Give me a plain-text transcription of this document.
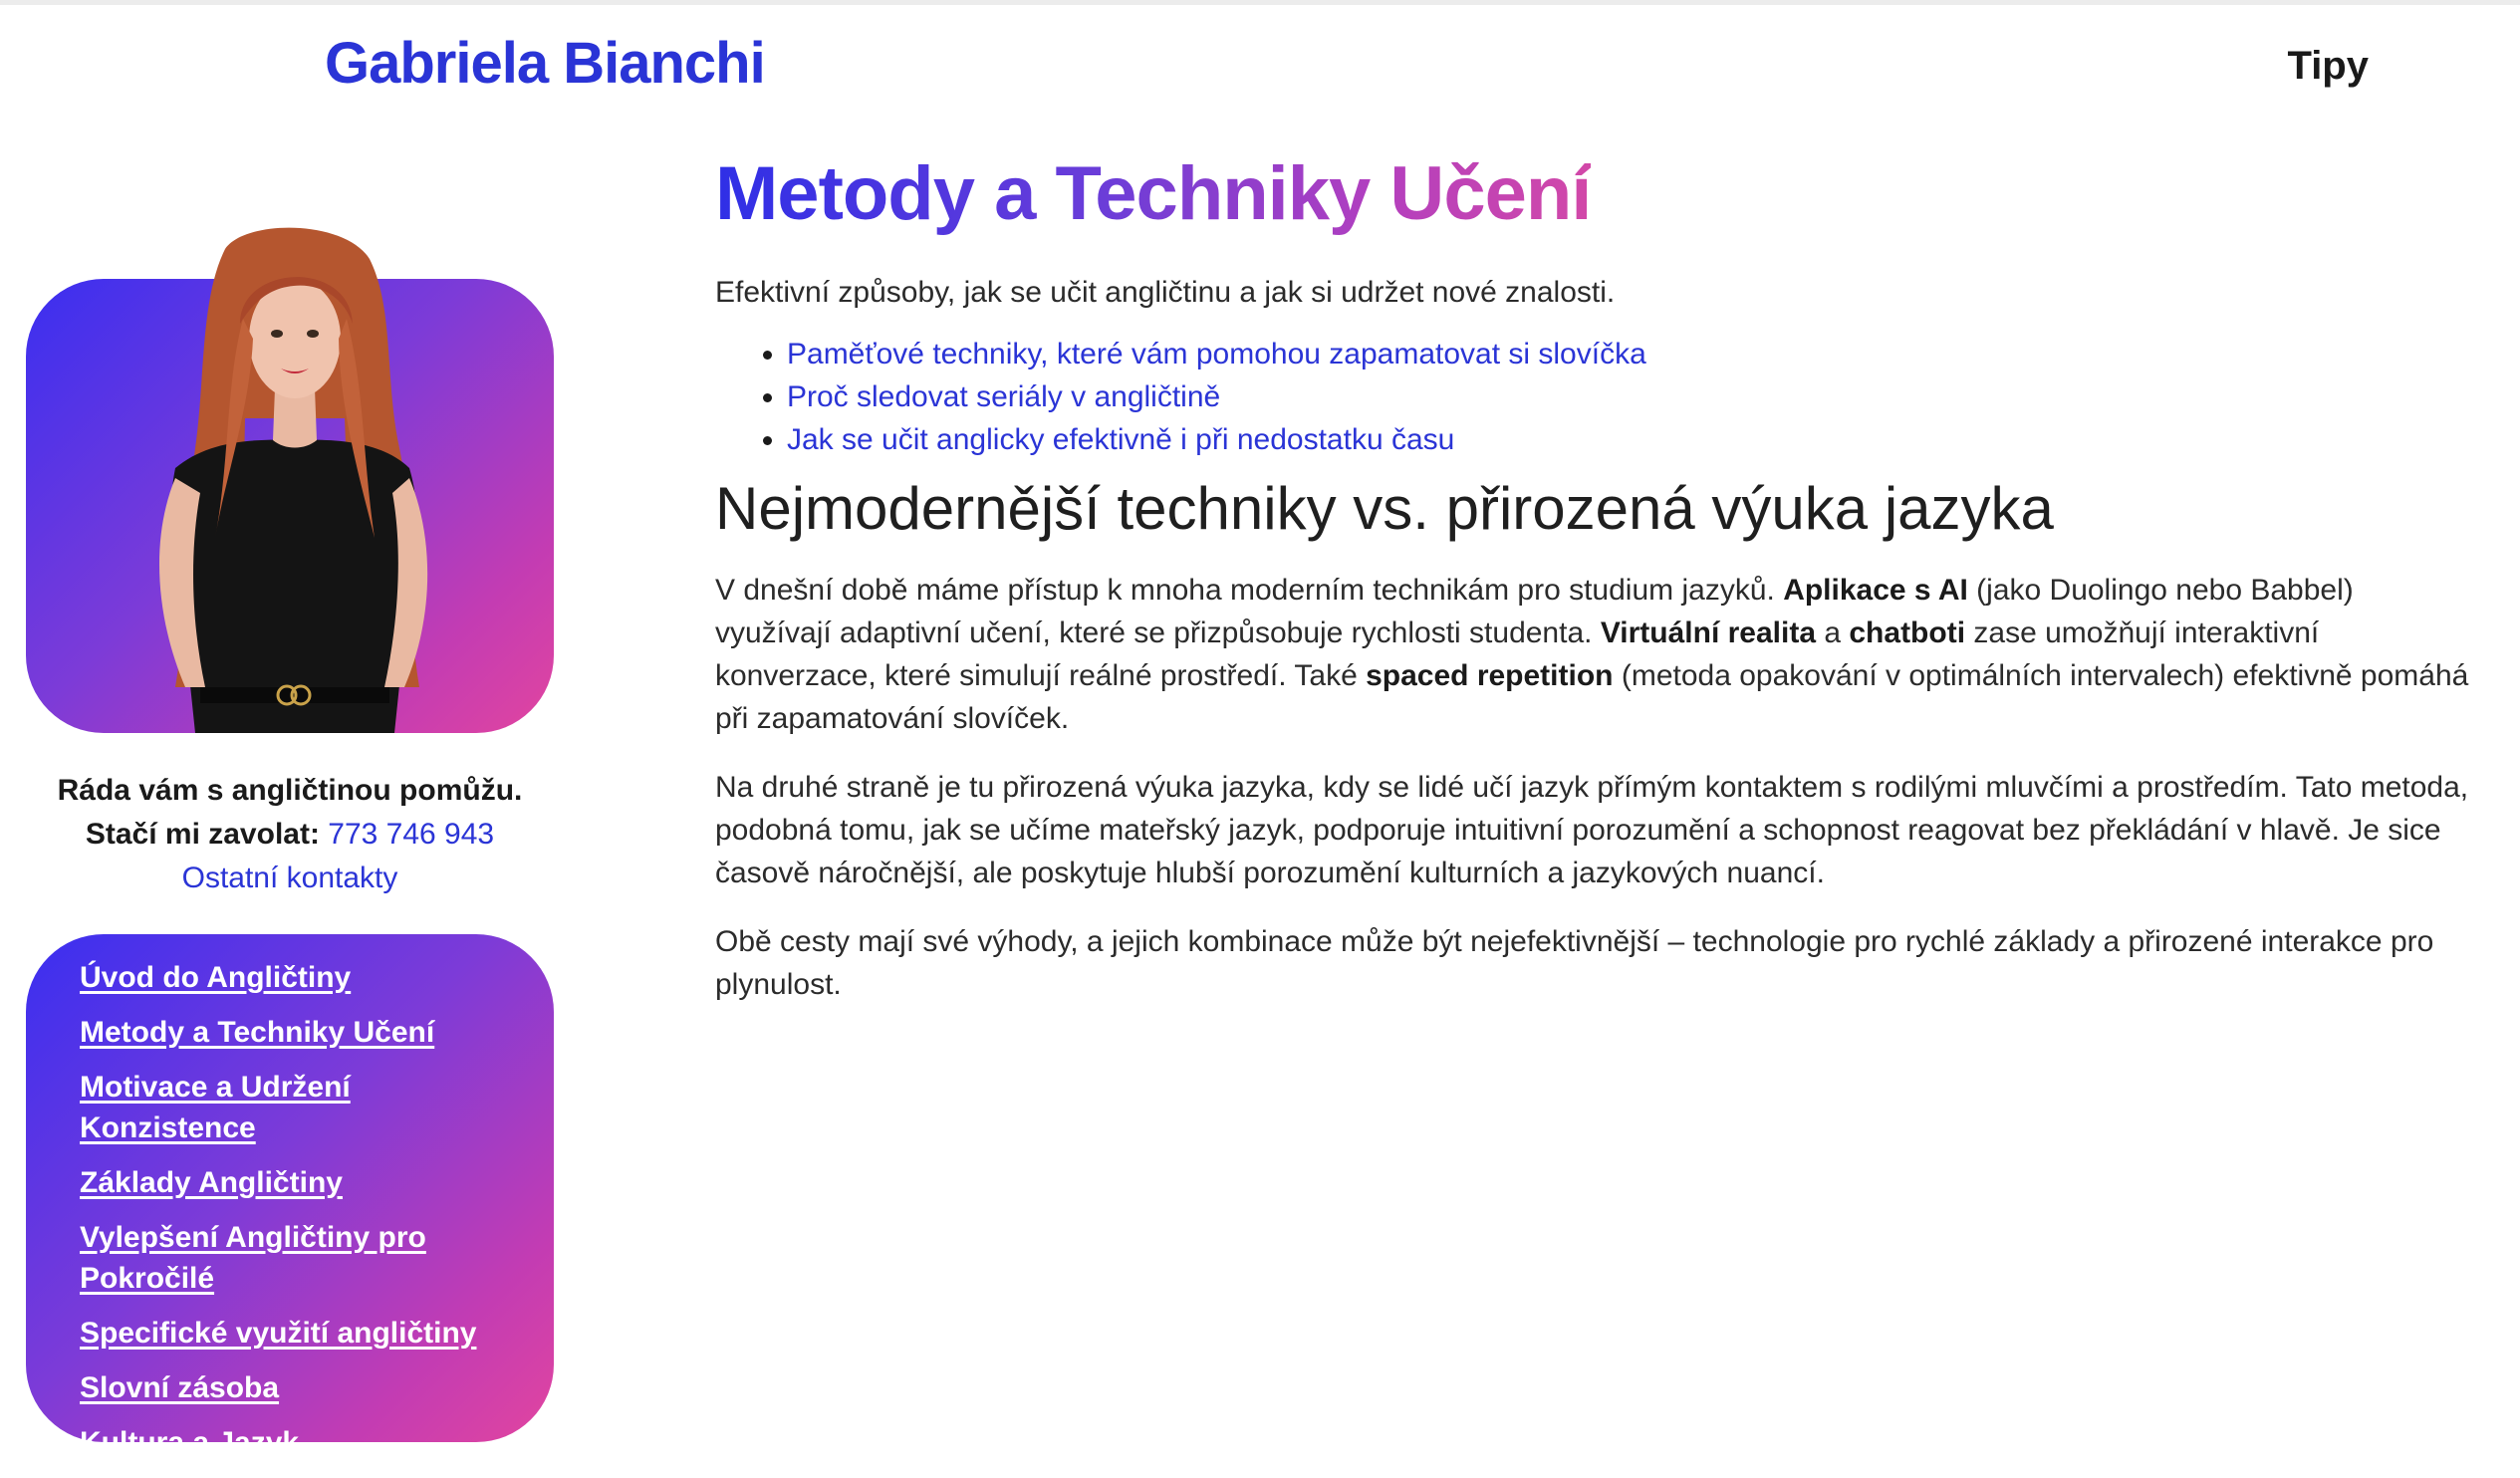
Gabriela Bianchi	Tipy
Ráda vám s angličtinou pomůžu.
Stačí mi zavolat: 773 746 943
Ostatní kontakty
Úvod do Angličtiny
Metody a Techniky Učení
Motivace a Udržení Konzistence
Základy Angličtiny
Vylepšení Angličtiny pro Pokročilé
Specifické využití angličtiny
Slovní zásoba
Kultura a Jazyk
Metody a Techniky Učení

Efektivní způsoby, jak se učit angličtinu a jak si udržet nové znalosti.

• Paměťové techniky, které vám pomohou zapamatovat si slovíčka
• Proč sledovat seriály v angličtině
• Jak se učit anglicky efektivně i při nedostatku času
Nejmodernější techniky vs. přirozená výuka jazyka

V dnešní době máme přístup k mnoha moderním technikám pro studium jazyků. Aplikace s AI (jako Duolingo nebo Babbel) využívají adaptivní učení, které se přizpůsobuje rychlosti studenta. Virtuální realita a chatboti zase umožňují interaktivní konverzace, které simulují reálné prostředí. Také spaced repetition (metoda opakování v optimálních intervalech) efektivně pomáhá při zapamatování slovíček.

Na druhé straně je tu přirozená výuka jazyka, kdy se lidé učí jazyk přímým kontaktem s rodilými mluvčími a prostředím. Tato metoda, podobná tomu, jak se učíme mateřský jazyk, podporuje intuitivní porozumění a schopnost reagovat bez překládání v hlavě. Je sice časově náročnější, ale poskytuje hlubší porozumění kulturních a jazykových nuancí.

Obě cesty mají své výhody, a jejich kombinace může být nejefektivnější – technologie pro rychlé základy a přirozené interakce pro plynulost.
